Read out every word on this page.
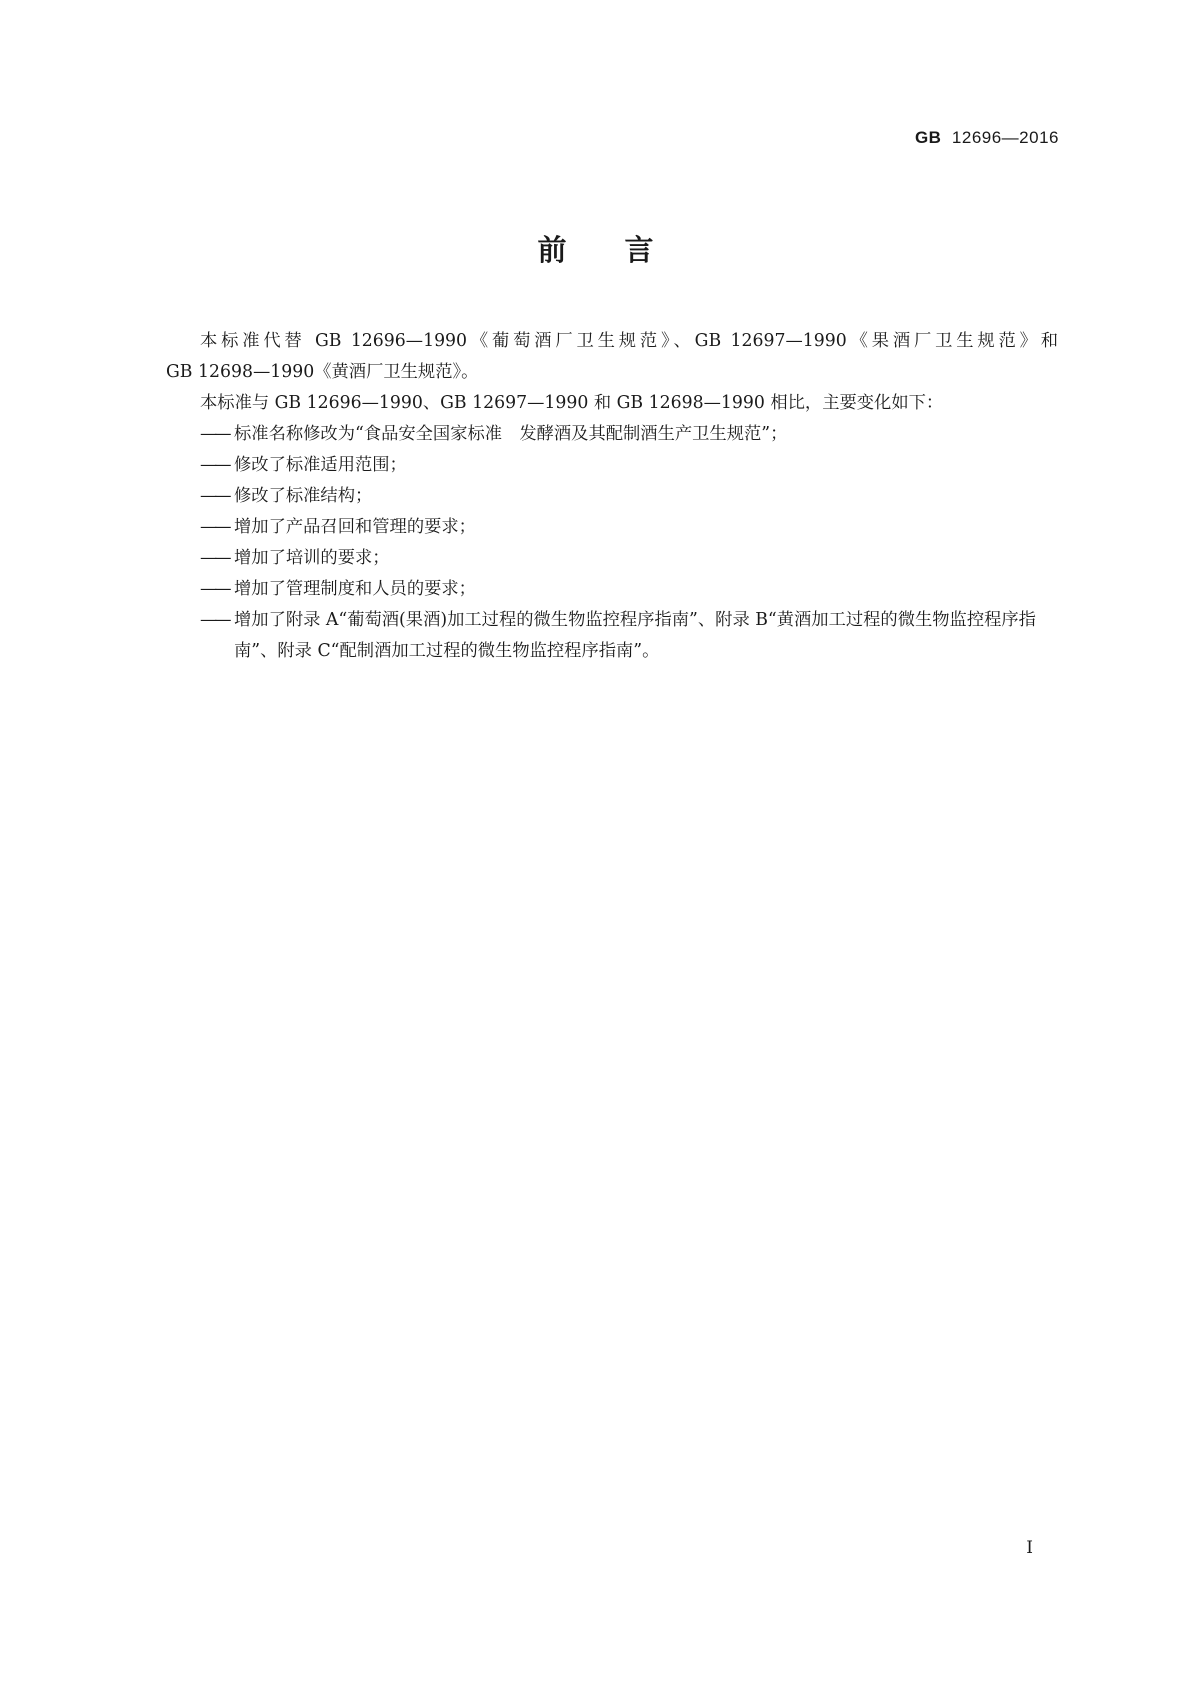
GB 12696—2016

前 言

本标准代替 GB 12696—1990《葡萄酒厂卫生规范》、GB 12697—1990《果酒厂卫生规范》和

GB 12698—1990《黄酒厂卫生规范》。

本标准与 GB 12696—1990、GB 12697—1990 和 GB 12698—1990 相比，主要变化如下：

—— 标准名称修改为“食品安全国家标准　发酵酒及其配制酒生产卫生规范”；
—— 修改了标准适用范围；
—— 修改了标准结构；
—— 增加了产品召回和管理的要求；
—— 增加了培训的要求；
—— 增加了管理制度和人员的要求；
—— 增加了附录 A“葡萄酒(果酒)加工过程的微生物监控程序指南”、附录 B“黄酒加工过程的微生物监控程序指南”、附录 C“配制酒加工过程的微生物监控程序指南”。

I
